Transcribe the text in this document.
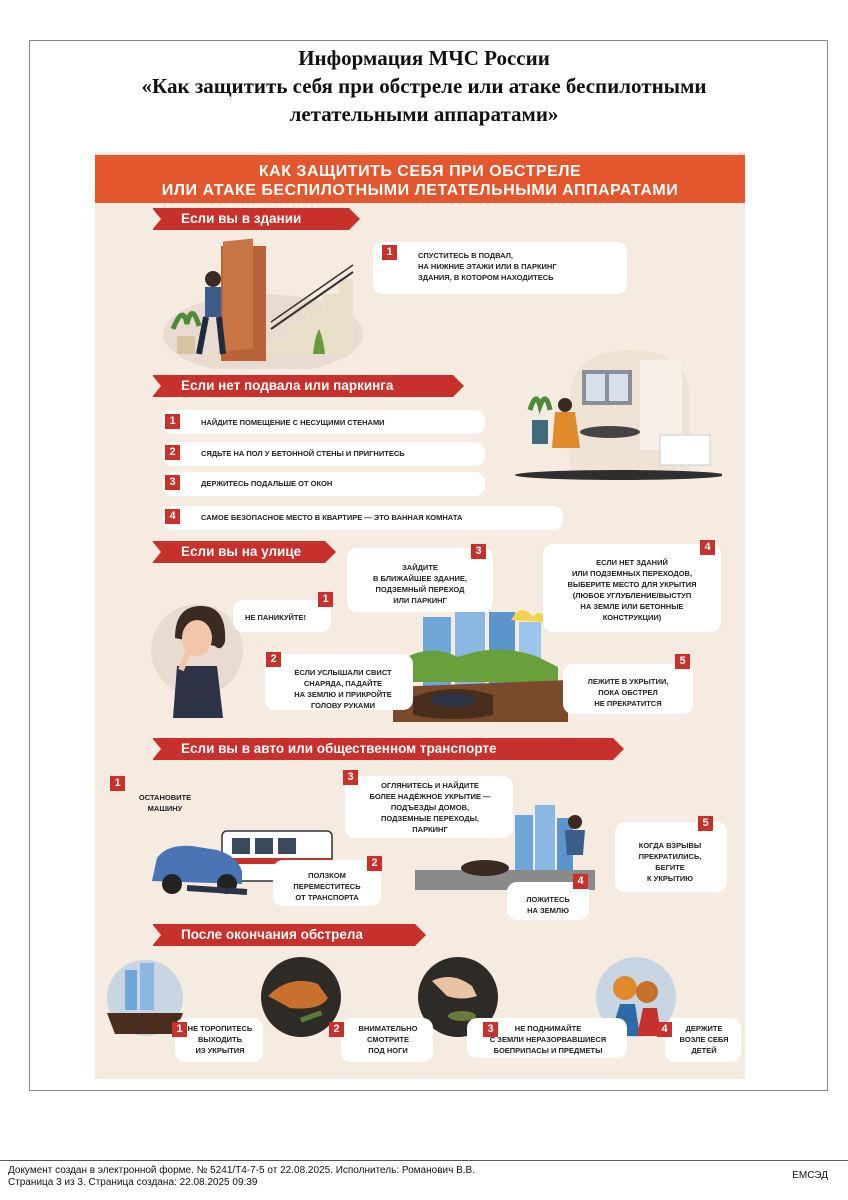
Информация МЧС России
«Как защитить себя при обстреле или атаке беспилотными
летательными аппаратами»
КАК ЗАЩИТИТЬ СЕБЯ ПРИ ОБСТРЕЛЕ
ИЛИ АТАКЕ БЕСПИЛОТНЫМИ ЛЕТАТЕЛЬНЫМИ АППАРАТАМИ
Если вы в здании
1	СПУСТИТЕСЬ В ПОДВАЛ,
НА НИЖНИЕ ЭТАЖИ ИЛИ В ПАРКИНГ
ЗДАНИЯ, В КОТОРОМ НАХОДИТЕСЬ
Если нет подвала или паркинга
1	НАЙДИТЕ ПОМЕЩЕНИЕ С НЕСУЩИМИ СТЕНАМИ
2	СЯДЬТЕ НА ПОЛ У БЕТОННОЙ СТЕНЫ И ПРИГНИТЕСЬ
3	ДЕРЖИТЕСЬ ПОДАЛЬШЕ ОТ ОКОН
4	САМОЕ БЕЗОПАСНОЕ МЕСТО В КВАРТИРЕ — ЭТО ВАННАЯ КОМНАТА
Если вы на улице
1
НЕ ПАНИКУЙТЕ!
2
ЕСЛИ УСЛЫШАЛИ СВИСТ
СНАРЯДА, ПАДАЙТЕ
НА ЗЕМЛЮ И ПРИКРОЙТЕ
ГОЛОВУ РУКАМИ
3
ЗАЙДИТЕ
В БЛИЖАЙШЕЕ ЗДАНИЕ,
ПОДЗЕМНЫЙ ПЕРЕХОД
ИЛИ ПАРКИНГ
4
ЕСЛИ НЕТ ЗДАНИЙ
ИЛИ ПОДЗЕМНЫХ ПЕРЕХОДОВ,
ВЫБЕРИТЕ МЕСТО ДЛЯ УКРЫТИЯ
(ЛЮБОЕ УГЛУБЛЕНИЕ/ВЫСТУП
НА ЗЕМЛЕ ИЛИ БЕТОННЫЕ
КОНСТРУКЦИИ)
5
ЛЕЖИТЕ В УКРЫТИИ,
ПОКА ОБСТРЕЛ
НЕ ПРЕКРАТИТСЯ
Если вы в авто или общественном транспорте
1
ОСТАНОВИТЕ
МАШИНУ
2
ПОЛЗКОМ
ПЕРЕМЕСТИТЕСЬ
ОТ ТРАНСПОРТА
3
ОГЛЯНИТЕСЬ И НАЙДИТЕ
БОЛЕЕ НАДЁЖНОЕ УКРЫТИЕ —
ПОДЪЕЗДЫ ДОМОВ,
ПОДЗЕМНЫЕ ПЕРЕХОДЫ,
ПАРКИНГ
4
ЛОЖИТЕСЬ
НА ЗЕМЛЮ
5
КОГДА ВЗРЫВЫ
ПРЕКРАТИЛИСЬ,
БЕГИТЕ
К УКРЫТИЮ
После окончания обстрела
1 НЕ ТОРОПИТЕСЬ
ВЫХОДИТЬ
ИЗ УКРЫТИЯ
2	ВНИМАТЕЛЬНО
СМОТРИТЕ
ПОД НОГИ
3	НЕ ПОДНИМАЙТЕ
С ЗЕМЛИ НЕРАЗОРВАВШИЕСЯ
БОЕПРИПАСЫ И ПРЕДМЕТЫ
4	ДЕРЖИТЕ
ВОЗЛЕ СЕБЯ
ДЕТЕЙ
Документ создан в электронной форме. № 5241/Т4-7-5 от 22.08.2025. Исполнитель: Романович В.В.
Страница 3 из 3. Страница создана: 22.08.2025 09:39
ЕМСЭД
